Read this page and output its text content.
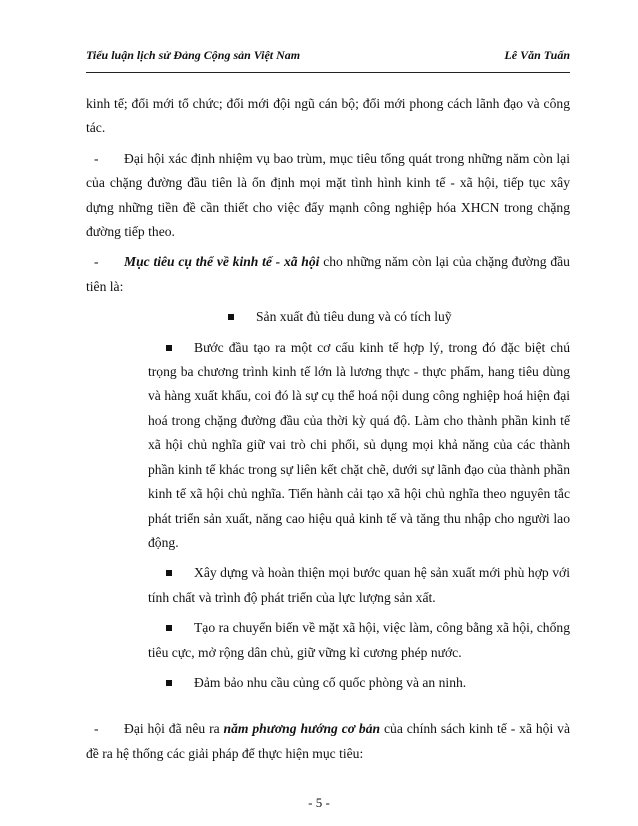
Tiểu luận lịch sử Đảng Cộng sản Việt Nam	Lê Văn Tuấn

kinh tế; đổi mới tổ chức; đổi mới đội ngũ cán bộ; đổi mới phong cách lãnh đạo và công tác.

- Đại hội xác định nhiệm vụ bao trùm, mục tiêu tổng quát trong những năm còn lại của chặng đường đầu tiên là ổn định mọi mặt tình hình kinh tế - xã hội, tiếp tục xây dựng những tiền đề cần thiết cho việc đẩy mạnh công nghiệp hóa XHCN trong chặng đường tiếp theo.

- Mục tiêu cụ thể về kinh tế - xã hội cho những năm còn lại của chặng đường đầu tiên là:

Sản xuất đủ tiêu dung và có tích luỹ

Bước đầu tạo ra một cơ cấu kinh tế hợp lý, trong đó đặc biệt chú trọng ba chương trình kinh tế lớn là lương thực - thực phẩm, hang tiêu dùng và hàng xuất khẩu, coi đó là sự cụ thể hoá nội dung công nghiệp hoá hiện đại hoá trong chặng đường đầu của thời kỳ quá độ. Làm cho thành phần kinh tế xã hội chủ nghĩa giữ vai trò chi phối, sủ dụng mọi khả năng của các thành phần kinh tế khác trong sự liên kết chặt chẽ, dưới sự lãnh đạo của thành phần kinh tế xã hội chủ nghĩa. Tiến hành cải tạo xã hội chủ nghĩa theo nguyên tắc phát triển sản xuất, năng cao hiệu quả kinh tế và tăng thu nhập cho người lao động.

Xây dựng và hoàn thiện mọi bước quan hệ sản xuất mới phù hợp với tính chất và trình độ phát triển của lực lượng sản xất.

Tạo ra chuyển biến về mặt xã hội, việc làm, công bằng xã hội, chống tiêu cực, mở rộng dân chủ, giữ vững kỉ cương phép nước.

Đảm bảo nhu cầu củng cố quốc phòng và an ninh.

- Đại hội đã nêu ra năm phương hướng cơ bản của chính sách kinh tế - xã hội và đề ra hệ thống các giải pháp để thực hiện mục tiêu:

- 5 -
